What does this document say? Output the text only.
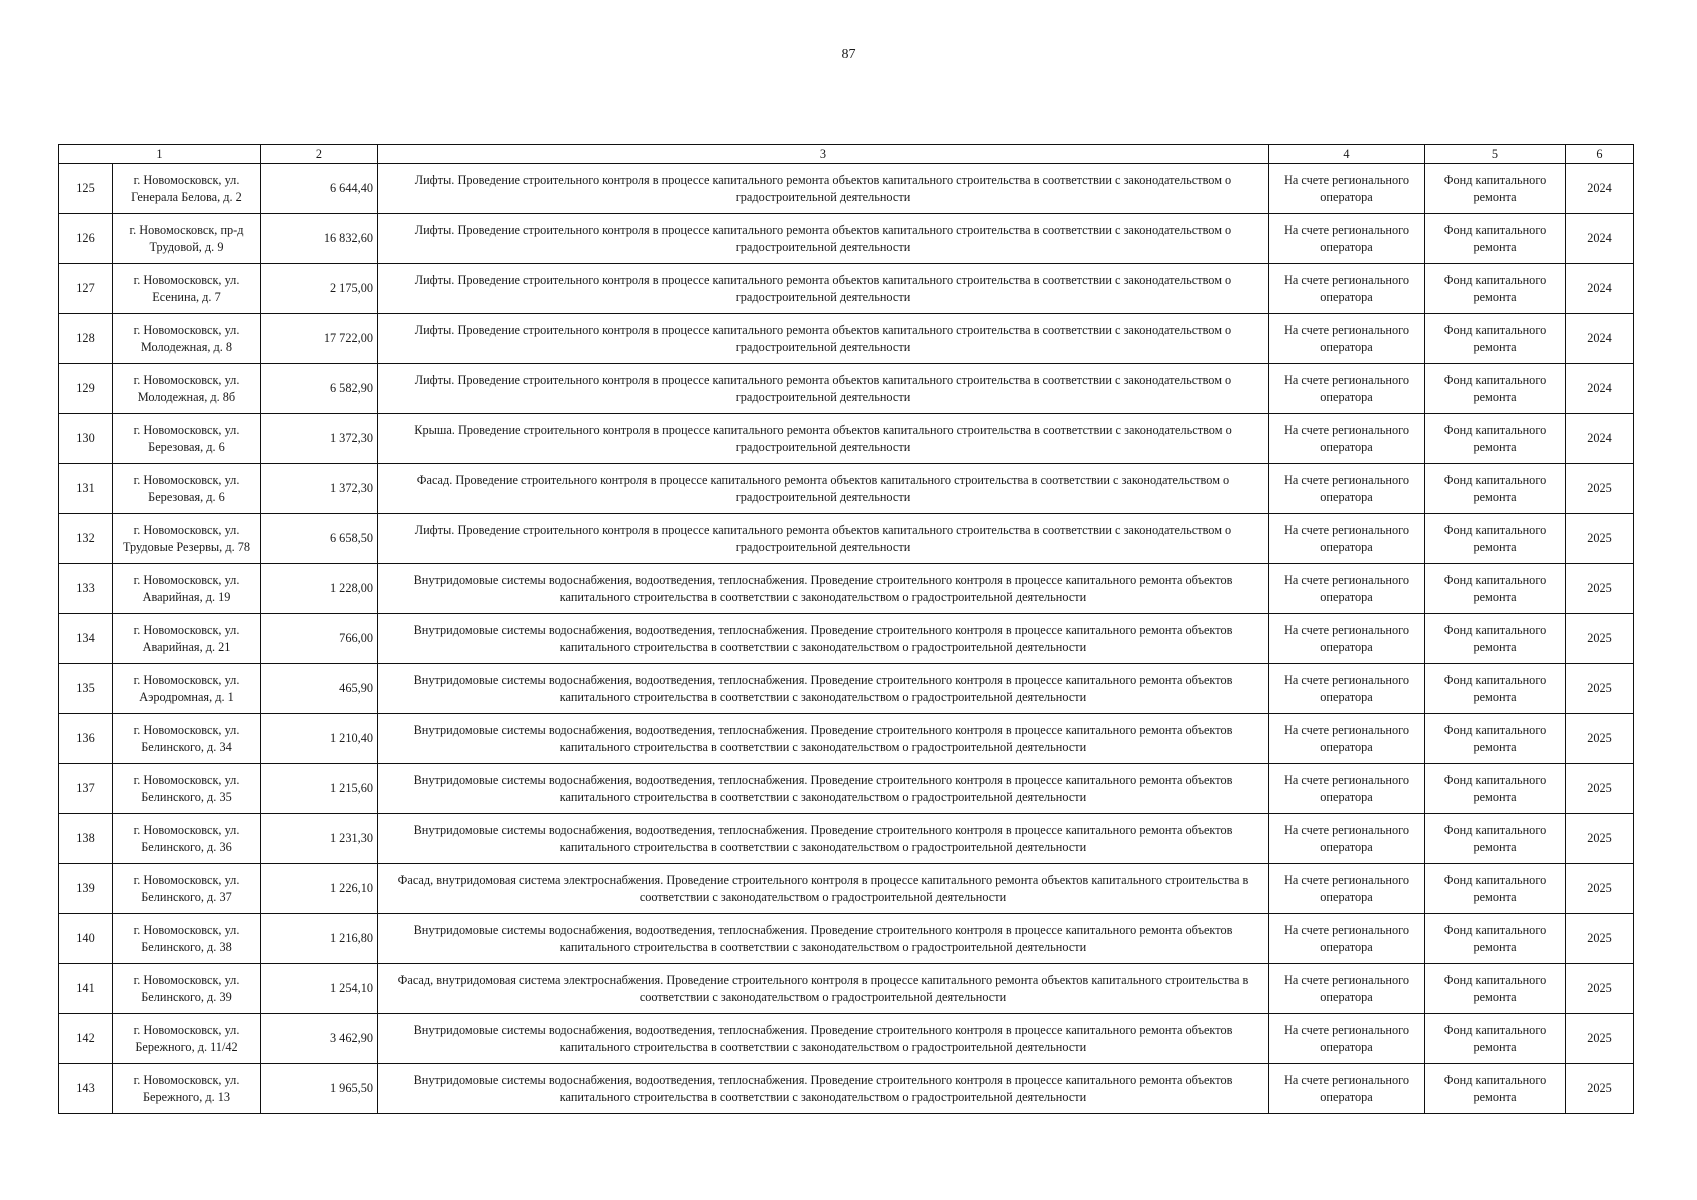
87
1		2	3	4	5	6
125	г. Новомосковск, ул. Генерала Белова, д. 2	6 644,40	Лифты. Проведение строительного контроля в процессе капитального ремонта объектов капитального строительства в соответствии с законодательством о градостроительной деятельности	На счете регионального оператора	Фонд капитального ремонта	2024
126	г. Новомосковск, пр-д Трудовой, д. 9	16 832,60	Лифты. Проведение строительного контроля в процессе капитального ремонта объектов капитального строительства в соответствии с законодательством о градостроительной деятельности	На счете регионального оператора	Фонд капитального ремонта	2024
127	г. Новомосковск, ул. Есенина, д. 7	2 175,00	Лифты. Проведение строительного контроля в процессе капитального ремонта объектов капитального строительства в соответствии с законодательством о градостроительной деятельности	На счете регионального оператора	Фонд капитального ремонта	2024
128	г. Новомосковск, ул. Молодежная, д. 8	17 722,00	Лифты. Проведение строительного контроля в процессе капитального ремонта объектов капитального строительства в соответствии с законодательством о градостроительной деятельности	На счете регионального оператора	Фонд капитального ремонта	2024
129	г. Новомосковск, ул. Молодежная, д. 8б	6 582,90	Лифты. Проведение строительного контроля в процессе капитального ремонта объектов капитального строительства в соответствии с законодательством о градостроительной деятельности	На счете регионального оператора	Фонд капитального ремонта	2024
130	г. Новомосковск, ул. Березовая, д. 6	1 372,30	Крыша. Проведение строительного контроля в процессе капитального ремонта объектов капитального строительства в соответствии с законодательством о градостроительной деятельности	На счете регионального оператора	Фонд капитального ремонта	2024
131	г. Новомосковск, ул. Березовая, д. 6	1 372,30	Фасад. Проведение строительного контроля в процессе капитального ремонта объектов капитального строительства в соответствии с законодательством о градостроительной деятельности	На счете регионального оператора	Фонд капитального ремонта	2025
132	г. Новомосковск, ул. Трудовые Резервы, д. 78	6 658,50	Лифты. Проведение строительного контроля в процессе капитального ремонта объектов капитального строительства в соответствии с законодательством о градостроительной деятельности	На счете регионального оператора	Фонд капитального ремонта	2025
133	г. Новомосковск, ул. Аварийная, д. 19	1 228,00	Внутридомовые системы водоснабжения, водоотведения, теплоснабжения. Проведение строительного контроля в процессе капитального ремонта объектов капитального строительства в соответствии с законодательством о градостроительной деятельности	На счете регионального оператора	Фонд капитального ремонта	2025
134	г. Новомосковск, ул. Аварийная, д. 21	766,00	Внутридомовые системы водоснабжения, водоотведения, теплоснабжения. Проведение строительного контроля в процессе капитального ремонта объектов капитального строительства в соответствии с законодательством о градостроительной деятельности	На счете регионального оператора	Фонд капитального ремонта	2025
135	г. Новомосковск, ул. Аэродромная, д. 1	465,90	Внутридомовые системы водоснабжения, водоотведения, теплоснабжения. Проведение строительного контроля в процессе капитального ремонта объектов капитального строительства в соответствии с законодательством о градостроительной деятельности	На счете регионального оператора	Фонд капитального ремонта	2025
136	г. Новомосковск, ул. Белинского, д. 34	1 210,40	Внутридомовые системы водоснабжения, водоотведения, теплоснабжения. Проведение строительного контроля в процессе капитального ремонта объектов капитального строительства в соответствии с законодательством о градостроительной деятельности	На счете регионального оператора	Фонд капитального ремонта	2025
137	г. Новомосковск, ул. Белинского, д. 35	1 215,60	Внутридомовые системы водоснабжения, водоотведения, теплоснабжения. Проведение строительного контроля в процессе капитального ремонта объектов капитального строительства в соответствии с законодательством о градостроительной деятельности	На счете регионального оператора	Фонд капитального ремонта	2025
138	г. Новомосковск, ул. Белинского, д. 36	1 231,30	Внутридомовые системы водоснабжения, водоотведения, теплоснабжения. Проведение строительного контроля в процессе капитального ремонта объектов капитального строительства в соответствии с законодательством о градостроительной деятельности	На счете регионального оператора	Фонд капитального ремонта	2025
139	г. Новомосковск, ул. Белинского, д. 37	1 226,10	Фасад, внутридомовая система электроснабжения. Проведение строительного контроля в процессе капитального ремонта объектов капитального строительства в соответствии с законодательством о градостроительной деятельности	На счете регионального оператора	Фонд капитального ремонта	2025
140	г. Новомосковск, ул. Белинского, д. 38	1 216,80	Внутридомовые системы водоснабжения, водоотведения, теплоснабжения. Проведение строительного контроля в процессе капитального ремонта объектов капитального строительства в соответствии с законодательством о градостроительной деятельности	На счете регионального оператора	Фонд капитального ремонта	2025
141	г. Новомосковск, ул. Белинского, д. 39	1 254,10	Фасад, внутридомовая система электроснабжения. Проведение строительного контроля в процессе капитального ремонта объектов капитального строительства в соответствии с законодательством о градостроительной деятельности	На счете регионального оператора	Фонд капитального ремонта	2025
142	г. Новомосковск, ул. Бережного, д. 11/42	3 462,90	Внутридомовые системы водоснабжения, водоотведения, теплоснабжения. Проведение строительного контроля в процессе капитального ремонта объектов капитального строительства в соответствии с законодательством о градостроительной деятельности	На счете регионального оператора	Фонд капитального ремонта	2025
143	г. Новомосковск, ул. Бережного, д. 13	1 965,50	Внутридомовые системы водоснабжения, водоотведения, теплоснабжения. Проведение строительного контроля в процессе капитального ремонта объектов капитального строительства в соответствии с законодательством о градостроительной деятельности	На счете регионального оператора	Фонд капитального ремонта	2025
